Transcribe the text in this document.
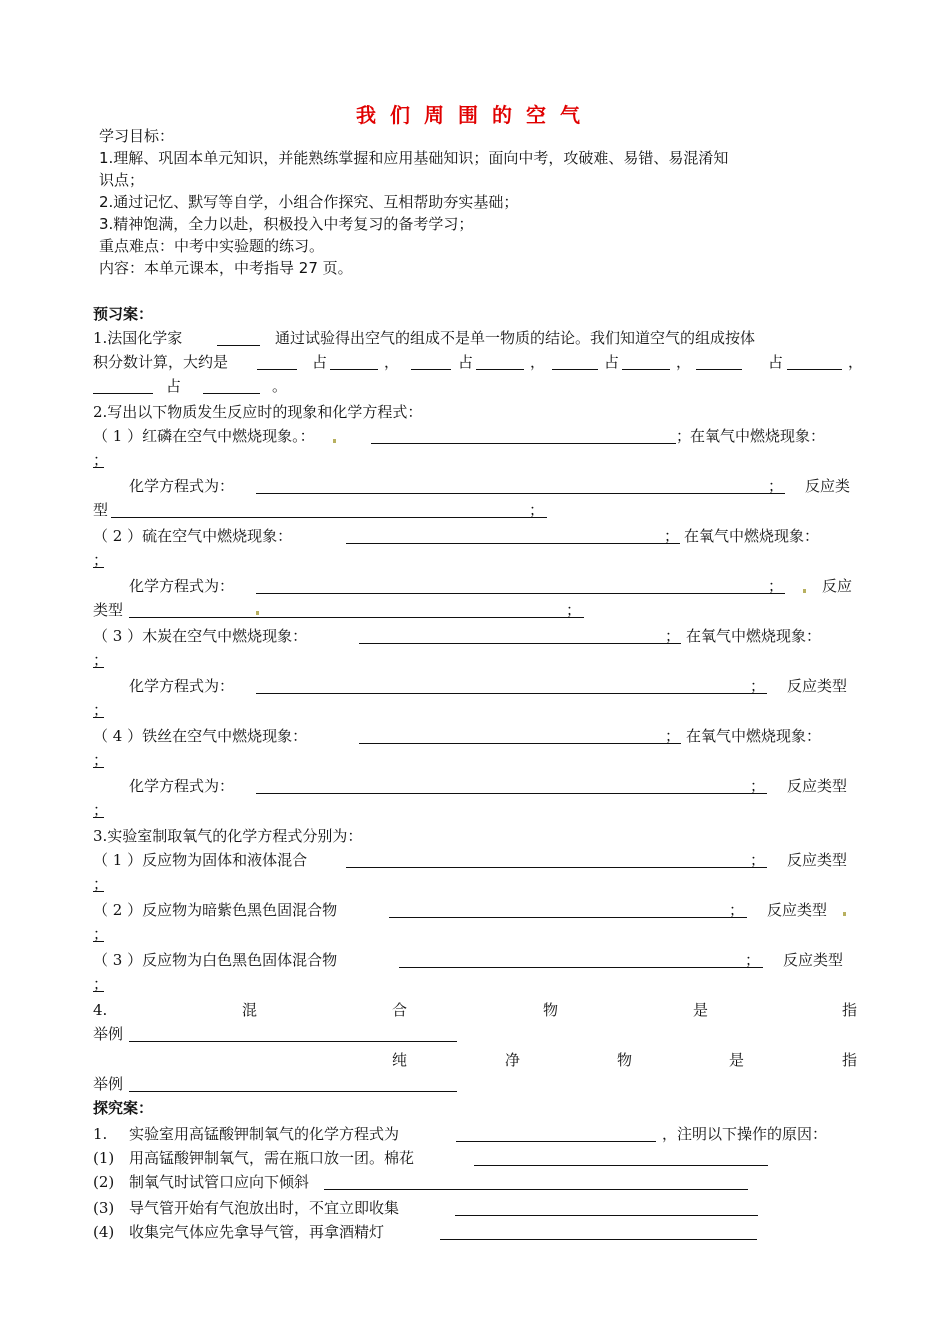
我们周围的空气
学习目标：
1.理解、巩固本单元知识，并能熟练掌握和应用基础知识；面向中考，攻破难、易错、易混淆知
识点；
2.通过记忆、默写等自学，小组合作探究、互相帮助夯实基础；
3.精神饱满，全力以赴，积极投入中考复习的备考学习；
重点难点：中考中实验题的练习。
内容：本单元课本，中考指导 27 页。
预习案：
1.法国化学家	通过试验得出空气的组成不是单一物质的结论。我们知道空气的组成按体
积分数计算，大约是	占	，	占	，	占	，	占	，
占	。
2.写出以下物质发生反应时的现象和化学方程式：
（ 1 ）红磷在空气中燃烧现象。：	；
在氧气中燃烧现象：
；
化学方程式为：	； 反应类
型	；
（ 2 ）硫在空气中燃烧现象：	； 在氧气中燃烧现象：
；
化学方程式为：	；	反应
类型	；
（ 3 ）木炭在空气中燃烧现象：	； 在氧气中燃烧现象：
；
化学方程式为：	； 反应类型
；
（ 4 ）铁丝在空气中燃烧现象：	； 在氧气中燃烧现象：
；
化学方程式为：	； 反应类型
；
3.实验室制取氧气的化学方程式分别为：
（ 1 ）反应物为固体和液体混合	； 反应类型
；
（ 2 ）反应物为暗紫色黑色固混合物	； 反应类型
；
（ 3 ）反应物为白色黑色固体混合物	； 反应类型
；
4.	混	合	物	是	指
举例
纯	净	物	是	指
举例
探究案：
1. 实验室用高锰酸钾制氧气的化学方程式为	，注明以下操作的原因：
(1) 用高锰酸钾制氧气，需在瓶口放一团。棉花
(2) 制氧气时试管口应向下倾斜
(3) 导气管开始有气泡放出时，不宜立即收集
(4) 收集完气体应先拿导气管，再拿酒精灯
